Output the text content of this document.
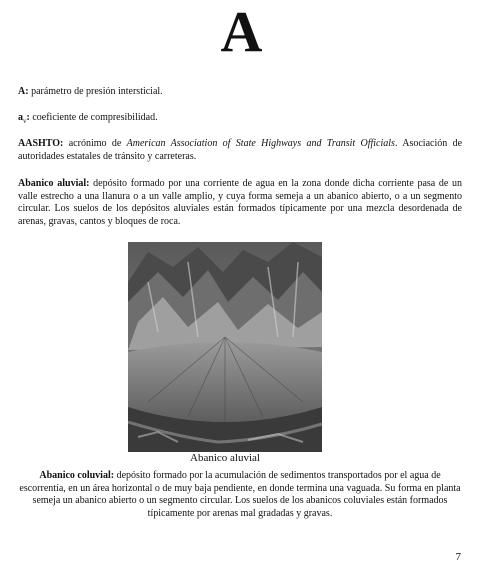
A

A: parámetro de presión intersticial.

$a_v$: coeficiente de compresibilidad.

AASHTO: acrónimo de American Association of State Highways and Transit Officials. Asociación de autoridades estatales de tránsito y carreteras.

Abanico aluvial: depósito formado por una corriente de agua en la zona donde dicha corriente pasa de un valle estrecho a una llanura o a un valle amplio, y cuya forma semeja a un abanico abierto, o a un segmento circular. Los suelos de los depósitos aluviales están formados típicamente por una mezcla desordenada de arenas, gravas, cantos y bloques de roca.

Abanico aluvial

Abanico coluvial: depósito formado por la acumulación de sedimentos transportados por el agua de escorrentía, en un área horizontal o de muy baja pendiente, en donde termina una vaguada. Su forma en planta semeja un abanico abierto o un segmento circular. Los suelos de los abanicos coluviales están formados típicamente por arenas mal gradadas y gravas.

7
